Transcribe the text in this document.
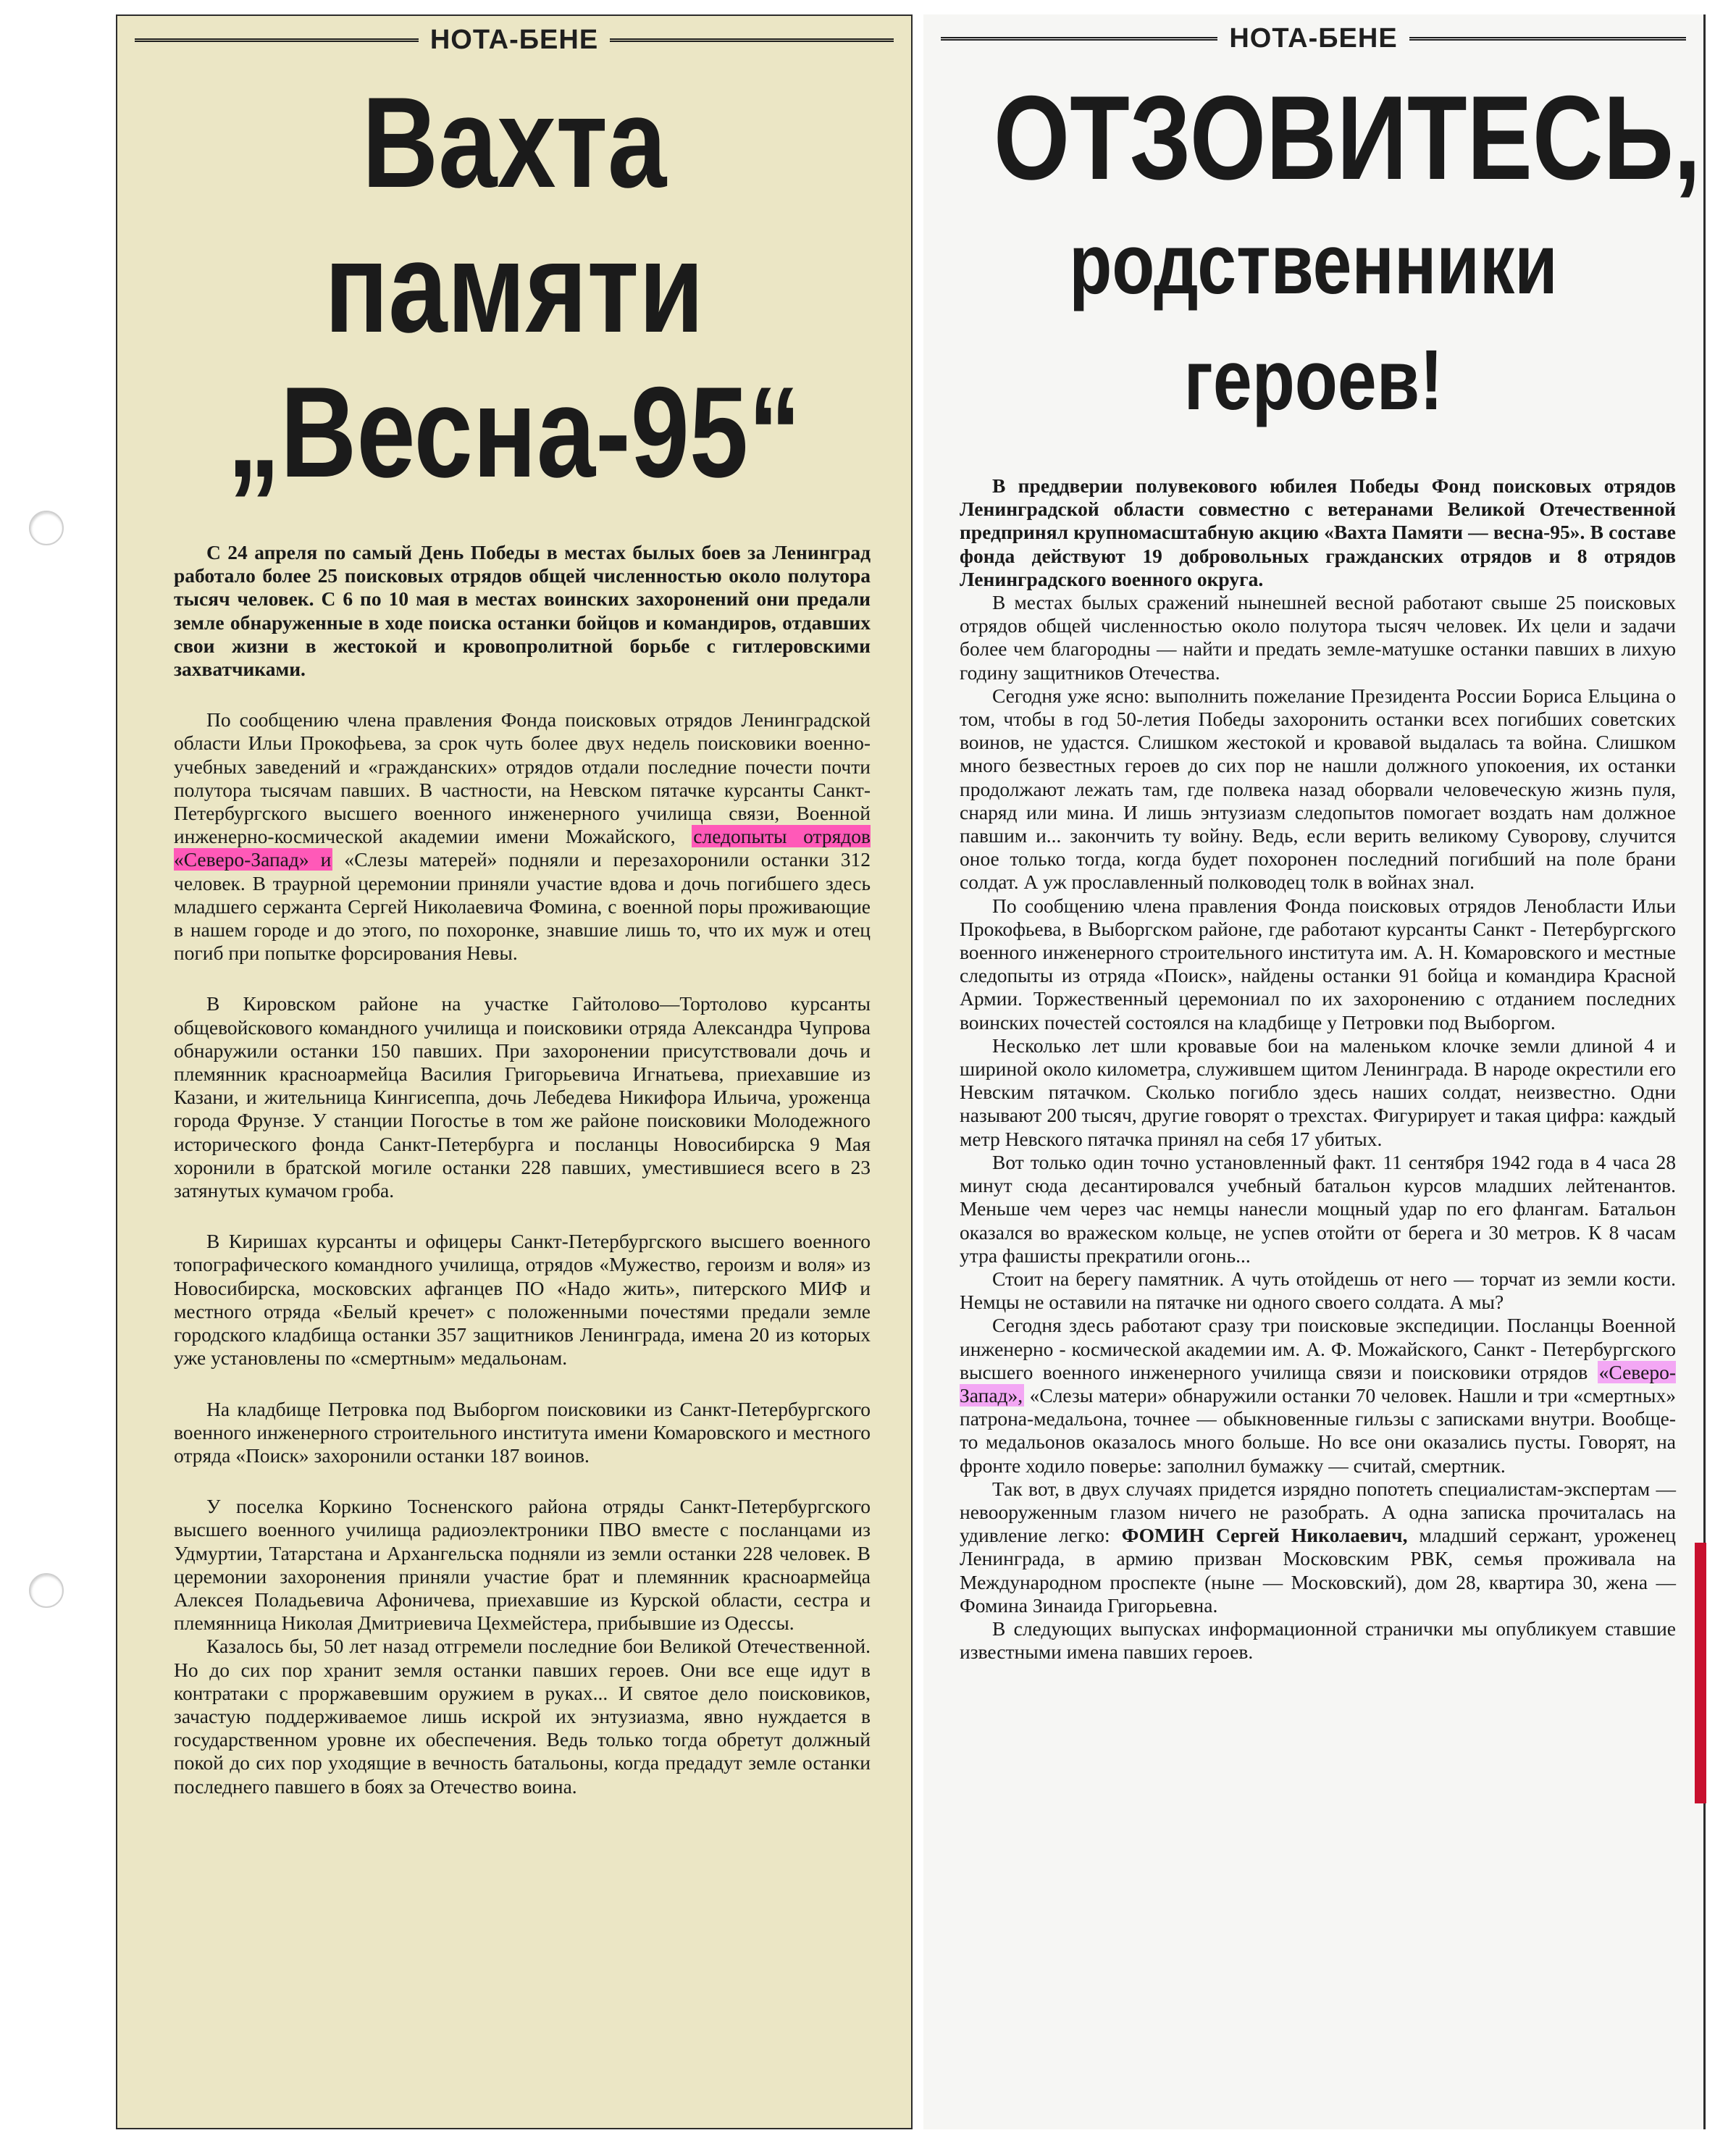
НОТА-БЕНЕ
Вахта памяти
„Весна-95“

С 24 апреля по самый День Победы в местах былых боев за Ленинград работало более 25 поисковых отрядов общей численностью около полутора тысяч человек. С 6 по 10 мая в местах воинских захоронений они предали земле обнаруженные в ходе поиска останки бойцов и командиров, отдавших свои жизни в жестокой и кровопролитной борьбе с гитлеровскими захватчиками.

По сообщению члена правления Фонда поисковых отрядов Ленинградской области Ильи Прокофьева, за срок чуть более двух недель поисковики военно-учебных заведений и «гражданских» отрядов отдали последние почести почти полутора тысячам павших. В частности, на Невском пятачке курсанты Санкт-Петербургского высшего военного инженерного училища связи, Военной инженерно-космической академии имени Можайского, следопыты отрядов «Северо-Запад» и «Слезы матерей» подняли и перезахоронили останки 312 человек. В траурной церемонии приняли участие вдова и дочь погибшего здесь младшего сержанта Сергей Николаевича Фомина, с военной поры проживающие в нашем городе и до этого, по похоронке, знавшие лишь то, что их муж и отец погиб при попытке форсирования Невы.

В Кировском районе на участке Гайтолово—Тортолово курсанты общевойскового командного училища и поисковики отряда Александра Чупрова обнаружили останки 150 павших. При захоронении присутствовали дочь и племянник красноармейца Василия Григорьевича Игнатьева, приехавшие из Казани, и жительница Кингисеппа, дочь Лебедева Никифора Ильича, уроженца города Фрунзе. У станции Погостье в том же районе поисковики Молодежного исторического фонда Санкт-Петербурга и посланцы Новосибирска 9 Мая хоронили в братской могиле останки 228 павших, уместившиеся всего в 23 затянутых кумачом гроба.

В Киришах курсанты и офицеры Санкт-Петербургского высшего военного топографического командного училища, отрядов «Мужество, героизм и воля» из Новосибирска, московских афганцев ПО «Надо жить», питерского МИФ и местного отряда «Белый кречет» с положенными почестями предали земле городского кладбища останки 357 защитников Ленинграда, имена 20 из которых уже установлены по «смертным» медальонам.

На кладбище Петровка под Выборгом поисковики из Санкт-Петербургского военного инженерного строительного института имени Комаровского и местного отряда «Поиск» захоронили останки 187 воинов.

У поселка Коркино Тосненского района отряды Санкт-Петербургского высшего военного училища радиоэлектроники ПВО вместе с посланцами из Удмуртии, Татарстана и Архангельска подняли из земли останки 228 человек. В церемонии захоронения приняли участие брат и племянник красноармейца Алексея Поладьевича Афоничева, приехавшие из Курской области, сестра и племянница Николая Дмитриевича Цехмейстера, прибывшие из Одессы.

Казалось бы, 50 лет назад отгремели последние бои Великой Отечественной. Но до сих пор хранит земля останки павших героев. Они все еще идут в контратаки с проржавевшим оружием в руках... И святое дело поисковиков, зачастую поддерживаемое лишь искрой их энтузиазма, явно нуждается в государственном уровне их обеспечения. Ведь только тогда обретут должный покой до сих пор уходящие в вечность батальоны, когда предадут земле останки последнего павшего в боях за Отечество воина.

НОТА-БЕНЕ
ОТЗОВИТЕСЬ,
родственники героев!

В преддверии полувекового юбилея Победы Фонд поисковых отрядов Ленинградской области совместно с ветеранами Великой Отечественной предпринял крупномасштабную акцию «Вахта Памяти — весна-95». В составе фонда действуют 19 добровольных гражданских отрядов и 8 отрядов Ленинградского военного округа.

В местах былых сражений нынешней весной работают свыше 25 поисковых отрядов общей численностью около полутора тысяч человек. Их цели и задачи более чем благородны — найти и предать земле-матушке останки павших в лихую годину защитников Отечества.

Сегодня уже ясно: выполнить пожелание Президента России Бориса Ельцина о том, чтобы в год 50-летия Победы захоронить останки всех погибших советских воинов, не удастся. Слишком жестокой и кровавой выдалась та война. Слишком много безвестных героев до сих пор не нашли должного упокоения, их останки продолжают лежать там, где полвека назад оборвали человеческую жизнь пуля, снаряд или мина. И лишь энтузиазм следопытов помогает воздать нам должное павшим и... закончить ту войну. Ведь, если верить великому Суворову, случится оное только тогда, когда будет похоронен последний погибший на поле брани солдат. А уж прославленный полководец толк в войнах знал.

По сообщению члена правления Фонда поисковых отрядов Ленобласти Ильи Прокофьева, в Выборгском районе, где работают курсанты Санкт - Петербургского военного инженерного строительного института им. А. Н. Комаровского и местные следопыты из отряда «Поиск», найдены останки 91 бойца и командира Красной Армии. Торжественный церемониал по их захоронению с отданием последних воинских почестей состоялся на кладбище у Петровки под Выборгом.

Несколько лет шли кровавые бои на маленьком клочке земли длиной 4 и шириной около километра, служившем щитом Ленинграда. В народе окрестили его Невским пятачком. Сколько погибло здесь наших солдат, неизвестно. Одни называют 200 тысяч, другие говорят о трехстах. Фигурирует и такая цифра: каждый метр Невского пятачка принял на себя 17 убитых.

Вот только один точно установленный факт. 11 сентября 1942 года в 4 часа 28 минут сюда десантировался учебный батальон курсов младших лейтенантов. Меньше чем через час немцы нанесли мощный удар по его флангам. Батальон оказался во вражеском кольце, не успев отойти от берега и 30 метров. К 8 часам утра фашисты прекратили огонь...

Стоит на берегу памятник. А чуть отойдешь от него — торчат из земли кости. Немцы не оставили на пятачке ни одного своего солдата. А мы?

Сегодня здесь работают сразу три поисковые экспедиции. Посланцы Военной инженерно - космической академии им. А. Ф. Можайского, Санкт - Петербургского высшего военного инженерного училища связи и поисковики отрядов «Северо-Запад», «Слезы матери» обнаружили останки 70 человек. Нашли и три «смертных» патрона-медальона, точнее — обыкновенные гильзы с записками внутри. Вообще-то медальонов оказалось много больше. Но все они оказались пусты. Говорят, на фронте ходило поверье: заполнил бумажку — считай, смертник.

Так вот, в двух случаях придется изрядно попотеть специалистам-экспертам — невооруженным глазом ничего не разобрать. А одна записка прочиталась на удивление легко: ФОМИН Сергей Николаевич, младший сержант, уроженец Ленинграда, в армию призван Московским РВК, семья проживала на Международном проспекте (ныне — Московский), дом 28, квартира 30, жена — Фомина Зинаида Григорьевна.

В следующих выпусках информационной странички мы опубликуем ставшие известными имена павших героев.
